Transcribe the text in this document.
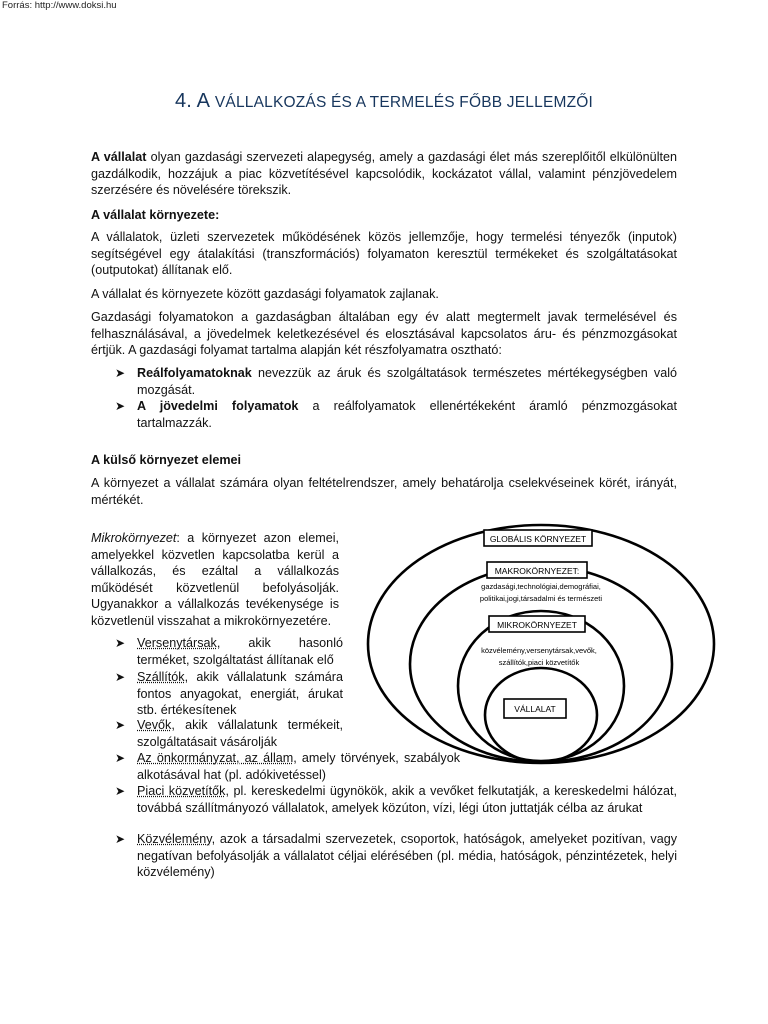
Forrás: http://www.doksi.hu
4. A VÁLLALKOZÁS ÉS A TERMELÉS FŐBB JELLEMZŐI

A vállalat olyan gazdasági szervezeti alapegység, amely a gazdasági élet más szereplőitől elkülönülten gazdálkodik, hozzájuk a piac közvetítésével kapcsolódik, kockázatot vállal, valamint pénzjövedelem szerzésére és növelésére törekszik.

A vállalat környezete:

A vállalatok, üzleti szervezetek működésének közös jellemzője, hogy termelési tényezők (inputok) segítségével egy átalakítási (transzformációs) folyamaton keresztül termékeket és szolgáltatásokat (outputokat) állítanak elő.

A vállalat és környezete között gazdasági folyamatok zajlanak.

Gazdasági folyamatokon a gazdaságban általában egy év alatt megtermelt javak termelésével és felhasználásával, a jövedelmek keletkezésével és elosztásával kapcsolatos áru- és pénzmozgásokat értjük. A gazdasági folyamat tartalma alapján két részfolyamatra osztható:

➤ Reálfolyamatoknak nevezzük az áruk és szolgáltatások természetes mértékegységben való mozgását.
➤ A jövedelmi folyamatok a reálfolyamatok ellenértékeként áramló pénzmozgásokat tartalmazzák.

A külső környezet elemei

A környezet a vállalat számára olyan feltételrendszer, amely behatárolja cselekvéseinek körét, irányát, mértékét.

Mikrokörnyezet: a környezet azon elemei, amelyekkel közvetlen kapcsolatba kerül a vállalkozás, és ezáltal a vállalkozás működését közvetlenül befolyásolják. Ugyanakkor a vállalkozás tevékenysége is közvetlenül visszahat a mikrokörnyezetére.

➤ Versenytársak, akik hasonló terméket, szolgáltatást állítanak elő
➤ Szállítók, akik vállalatunk számára fontos anyagokat, energiát, árukat stb. értékesítenek
➤ Vevők, akik vállalatunk termékeit, szolgáltatásait vásárolják
➤ Az önkormányzat, az állam, amely törvények, szabályok alkotásával hat (pl. adókivetéssel)
➤ Piaci közvetítők, pl. kereskedelmi ügynökök, akik a vevőket felkutatják, a kereskedelmi hálózat, továbbá szállítmányozó vállalatok, amelyek közúton, vízi, légi úton juttatják célba az árukat
➤ Közvélemény, azok a társadalmi szervezetek, csoportok, hatóságok, amelyeket pozitívan, vagy negatívan befolyásolják a vállalatot céljai elérésében (pl. média, hatóságok, pénzintézetek, helyi közvélemény)
GLOBÁLIS KÖRNYEZET
MAKROKÖRNYEZET:
gazdasági,technológiai,demográfiai,
politikai,jogi,társadalmi és természeti
MIKROKÖRNYEZET
közvélemény,versenytársak,vevők,
szállítók,piaci közvetítők
VÁLLALAT
